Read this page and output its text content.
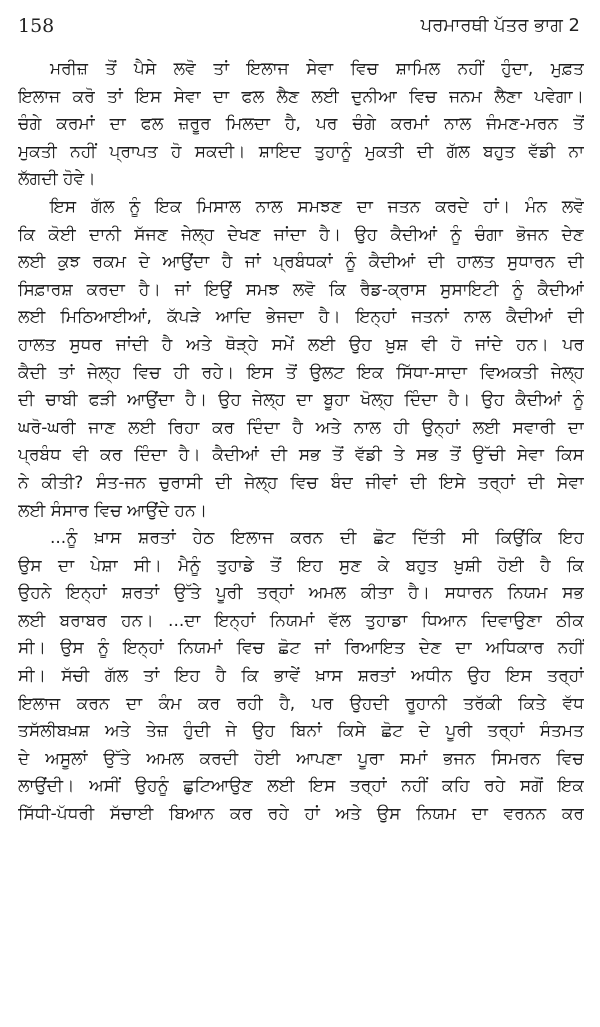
158	ਪਰਮਾਰਥੀ ਪੱਤਰ ਭਾਗ 2
ਮਰੀਜ਼ ਤੋਂ ਪੈਸੇ ਲਵੋ ਤਾਂ ਇਲਾਜ ਸੇਵਾ ਵਿਚ ਸ਼ਾਮਿਲ ਨਹੀਂ ਹੁੰਦਾ, ਮੁਫ਼ਤ
ਇਲਾਜ ਕਰੋ ਤਾਂ ਇਸ ਸੇਵਾ ਦਾ ਫਲ ਲੈਣ ਲਈ ਦੁਨੀਆ ਵਿਚ ਜਨਮ ਲੈਣਾ ਪਵੇਗਾ।
ਚੰਗੇ ਕਰਮਾਂ ਦਾ ਫਲ ਜ਼ਰੂਰ ਮਿਲਦਾ ਹੈ, ਪਰ ਚੰਗੇ ਕਰਮਾਂ ਨਾਲ ਜੰਮਣ-ਮਰਨ ਤੋਂ
ਮੁਕਤੀ ਨਹੀਂ ਪ੍ਰਾਪਤ ਹੋ ਸਕਦੀ। ਸ਼ਾਇਦ ਤੁਹਾਨੂੰ ਮੁਕਤੀ ਦੀ ਗੱਲ ਬਹੁਤ ਵੱਡੀ ਨਾ
ਲੱਗਦੀ ਹੋਵੇ।
ਇਸ ਗੱਲ ਨੂੰ ਇਕ ਮਿਸਾਲ ਨਾਲ ਸਮਝਣ ਦਾ ਜਤਨ ਕਰਦੇ ਹਾਂ। ਮੰਨ ਲਵੋ
ਕਿ ਕੋਈ ਦਾਨੀ ਸੱਜਣ ਜੇਲ੍ਹ ਦੇਖਣ ਜਾਂਦਾ ਹੈ। ਉਹ ਕੈਦੀਆਂ ਨੂੰ ਚੰਗਾ ਭੋਜਨ ਦੇਣ
ਲਈ ਕੁਝ ਰਕਮ ਦੇ ਆਉਂਦਾ ਹੈ ਜਾਂ ਪ੍ਰਬੰਧਕਾਂ ਨੂੰ ਕੈਦੀਆਂ ਦੀ ਹਾਲਤ ਸੁਧਾਰਨ ਦੀ
ਸਿਫ਼ਾਰਸ਼ ਕਰਦਾ ਹੈ। ਜਾਂ ਇਉਂ ਸਮਝ ਲਵੋ ਕਿ ਰੈਡ-ਕ੍ਰਾਸ ਸੁਸਾਇਟੀ ਨੂੰ ਕੈਦੀਆਂ
ਲਈ ਮਿਠਿਆਈਆਂ, ਕੱਪੜੇ ਆਦਿ ਭੇਜਦਾ ਹੈ। ਇਨ੍ਹਾਂ ਜਤਨਾਂ ਨਾਲ ਕੈਦੀਆਂ ਦੀ
ਹਾਲਤ ਸੁਧਰ ਜਾਂਦੀ ਹੈ ਅਤੇ ਥੋੜ੍ਹੇ ਸਮੇਂ ਲਈ ਉਹ ਖ਼ੁਸ਼ ਵੀ ਹੋ ਜਾਂਦੇ ਹਨ। ਪਰ
ਕੈਦੀ ਤਾਂ ਜੇਲ੍ਹ ਵਿਚ ਹੀ ਰਹੇ। ਇਸ ਤੋਂ ਉਲਟ ਇਕ ਸਿੱਧਾ-ਸਾਦਾ ਵਿਅਕਤੀ ਜੇਲ੍ਹ
ਦੀ ਚਾਬੀ ਫੜੀ ਆਉਂਦਾ ਹੈ। ਉਹ ਜੇਲ੍ਹ ਦਾ ਬੂਹਾ ਖੋਲ੍ਹ ਦਿੰਦਾ ਹੈ। ਉਹ ਕੈਦੀਆਂ ਨੂੰ
ਘਰੋ-ਘਰੀ ਜਾਣ ਲਈ ਰਿਹਾ ਕਰ ਦਿੰਦਾ ਹੈ ਅਤੇ ਨਾਲ ਹੀ ਉਨ੍ਹਾਂ ਲਈ ਸਵਾਰੀ ਦਾ
ਪ੍ਰਬੰਧ ਵੀ ਕਰ ਦਿੰਦਾ ਹੈ। ਕੈਦੀਆਂ ਦੀ ਸਭ ਤੋਂ ਵੱਡੀ ਤੇ ਸਭ ਤੋਂ ਉੱਚੀ ਸੇਵਾ ਕਿਸ
ਨੇ ਕੀਤੀ? ਸੰਤ-ਜਨ ਚੁਰਾਸੀ ਦੀ ਜੇਲ੍ਹ ਵਿਚ ਬੰਦ ਜੀਵਾਂ ਦੀ ਇਸੇ ਤਰ੍ਹਾਂ ਦੀ ਸੇਵਾ
ਲਈ ਸੰਸਾਰ ਵਿਚ ਆਉਂਦੇ ਹਨ।
...ਨੂੰ ਖ਼ਾਸ ਸ਼ਰਤਾਂ ਹੇਠ ਇਲਾਜ ਕਰਨ ਦੀ ਛੋਟ ਦਿੱਤੀ ਸੀ ਕਿਉਂਕਿ ਇਹ
ਉਸ ਦਾ ਪੇਸ਼ਾ ਸੀ। ਮੈਨੂੰ ਤੁਹਾਡੇ ਤੋਂ ਇਹ ਸੁਣ ਕੇ ਬਹੁਤ ਖ਼ੁਸ਼ੀ ਹੋਈ ਹੈ ਕਿ
ਉਹਨੇ ਇਨ੍ਹਾਂ ਸ਼ਰਤਾਂ ਉੱਤੇ ਪੂਰੀ ਤਰ੍ਹਾਂ ਅਮਲ ਕੀਤਾ ਹੈ। ਸਧਾਰਨ ਨਿਯਮ ਸਭ
ਲਈ ਬਰਾਬਰ ਹਨ। ...ਦਾ ਇਨ੍ਹਾਂ ਨਿਯਮਾਂ ਵੱਲ ਤੁਹਾਡਾ ਧਿਆਨ ਦਿਵਾਉਣਾ ਠੀਕ
ਸੀ। ਉਸ ਨੂੰ ਇਨ੍ਹਾਂ ਨਿਯਮਾਂ ਵਿਚ ਛੋਟ ਜਾਂ ਰਿਆਇਤ ਦੇਣ ਦਾ ਅਧਿਕਾਰ ਨਹੀਂ
ਸੀ। ਸੱਚੀ ਗੱਲ ਤਾਂ ਇਹ ਹੈ ਕਿ ਭਾਵੇਂ ਖ਼ਾਸ ਸ਼ਰਤਾਂ ਅਧੀਨ ਉਹ ਇਸ ਤਰ੍ਹਾਂ
ਇਲਾਜ ਕਰਨ ਦਾ ਕੰਮ ਕਰ ਰਹੀ ਹੈ, ਪਰ ਉਹਦੀ ਰੂਹਾਨੀ ਤਰੱਕੀ ਕਿਤੇ ਵੱਧ
ਤਸੱਲੀਬਖ਼ਸ਼ ਅਤੇ ਤੇਜ਼ ਹੁੰਦੀ ਜੇ ਉਹ ਬਿਨਾਂ ਕਿਸੇ ਛੋਟ ਦੇ ਪੂਰੀ ਤਰ੍ਹਾਂ ਸੰਤਮਤ
ਦੇ ਅਸੂਲਾਂ ਉੱਤੇ ਅਮਲ ਕਰਦੀ ਹੋਈ ਆਪਣਾ ਪੂਰਾ ਸਮਾਂ ਭਜਨ ਸਿਮਰਨ ਵਿਚ
ਲਾਉਂਦੀ। ਅਸੀਂ ਉਹਨੂੰ ਛੁਟਿਆਉਣ ਲਈ ਇਸ ਤਰ੍ਹਾਂ ਨਹੀਂ ਕਹਿ ਰਹੇ ਸਗੋਂ ਇਕ
ਸਿੱਧੀ-ਪੱਧਰੀ ਸੱਚਾਈ ਬਿਆਨ ਕਰ ਰਹੇ ਹਾਂ ਅਤੇ ਉਸ ਨਿਯਮ ਦਾ ਵਰਨਨ ਕਰ
